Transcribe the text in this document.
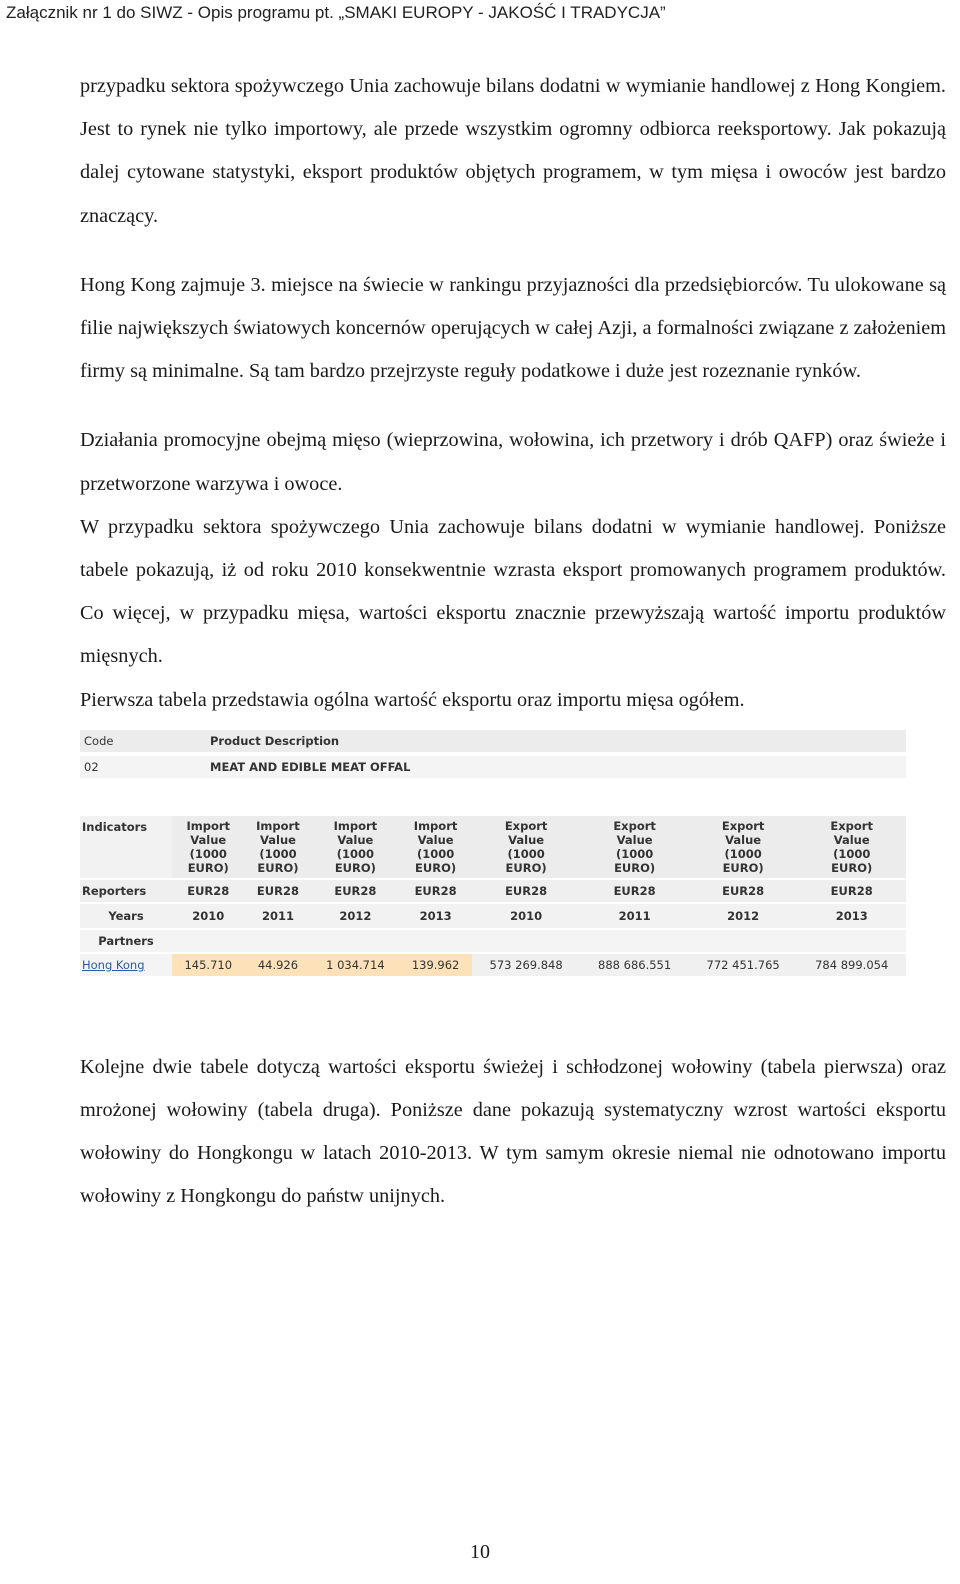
Załącznik nr 1 do SIWZ - Opis programu pt. „SMAKI EUROPY - JAKOŚĆ I TRADYCJA”

przypadku sektora spożywczego Unia zachowuje bilans dodatni w wymianie handlowej z Hong Kongiem. Jest to rynek nie tylko importowy, ale przede wszystkim ogromny odbiorca reeksportowy. Jak pokazują dalej cytowane statystyki, eksport produktów objętych programem, w tym mięsa i owoców jest bardzo znaczący.

Hong Kong zajmuje 3. miejsce na świecie w rankingu przyjazności dla przedsiębiorców. Tu ulokowane są filie największych światowych koncernów operujących w całej Azji, a formalności związane z założeniem firmy są minimalne. Są tam bardzo przejrzyste reguły podatkowe i duże jest rozeznanie rynków.

Działania promocyjne obejmą mięso (wieprzowina, wołowina, ich przetwory i drób QAFP) oraz świeże i przetworzone warzywa i owoce.

W przypadku sektora spożywczego Unia zachowuje bilans dodatni w wymianie handlowej. Poniższe tabele pokazują, iż od roku 2010 konsekwentnie wzrasta eksport promowanych programem produktów. Co więcej, w przypadku mięsa, wartości eksportu znacznie przewyższają wartość importu produktów mięsnych.

Pierwsza tabela przedstawia ogólna wartość eksportu oraz importu mięsa ogółem.

Code	Product Description
02	MEAT AND EDIBLE MEAT OFFAL
Indicators	Import
Value
(1000
EURO)	Import
Value
(1000
EURO)	Import
Value
(1000
EURO)	Import
Value
(1000
EURO)	Export
Value
(1000
EURO)	Export
Value
(1000
EURO)	Export
Value
(1000
EURO)	Export
Value
(1000
EURO)
Reporters	EUR28	EUR28	EUR28	EUR28	EUR28	EUR28	EUR28	EUR28
Years	2010	2011	2012	2013	2010	2011	2012	2013
Partners								
Hong Kong	145.710	44.926	1 034.714	139.962	573 269.848	888 686.551	772 451.765	784 899.054

Kolejne dwie tabele dotyczą wartości eksportu świeżej i schłodzonej wołowiny (tabela pierwsza) oraz mrożonej wołowiny (tabela druga). Poniższe dane pokazują systematyczny wzrost wartości eksportu wołowiny do Hongkongu w latach 2010-2013. W tym samym okresie niemal nie odnotowano importu wołowiny z Hongkongu do państw unijnych.

10
